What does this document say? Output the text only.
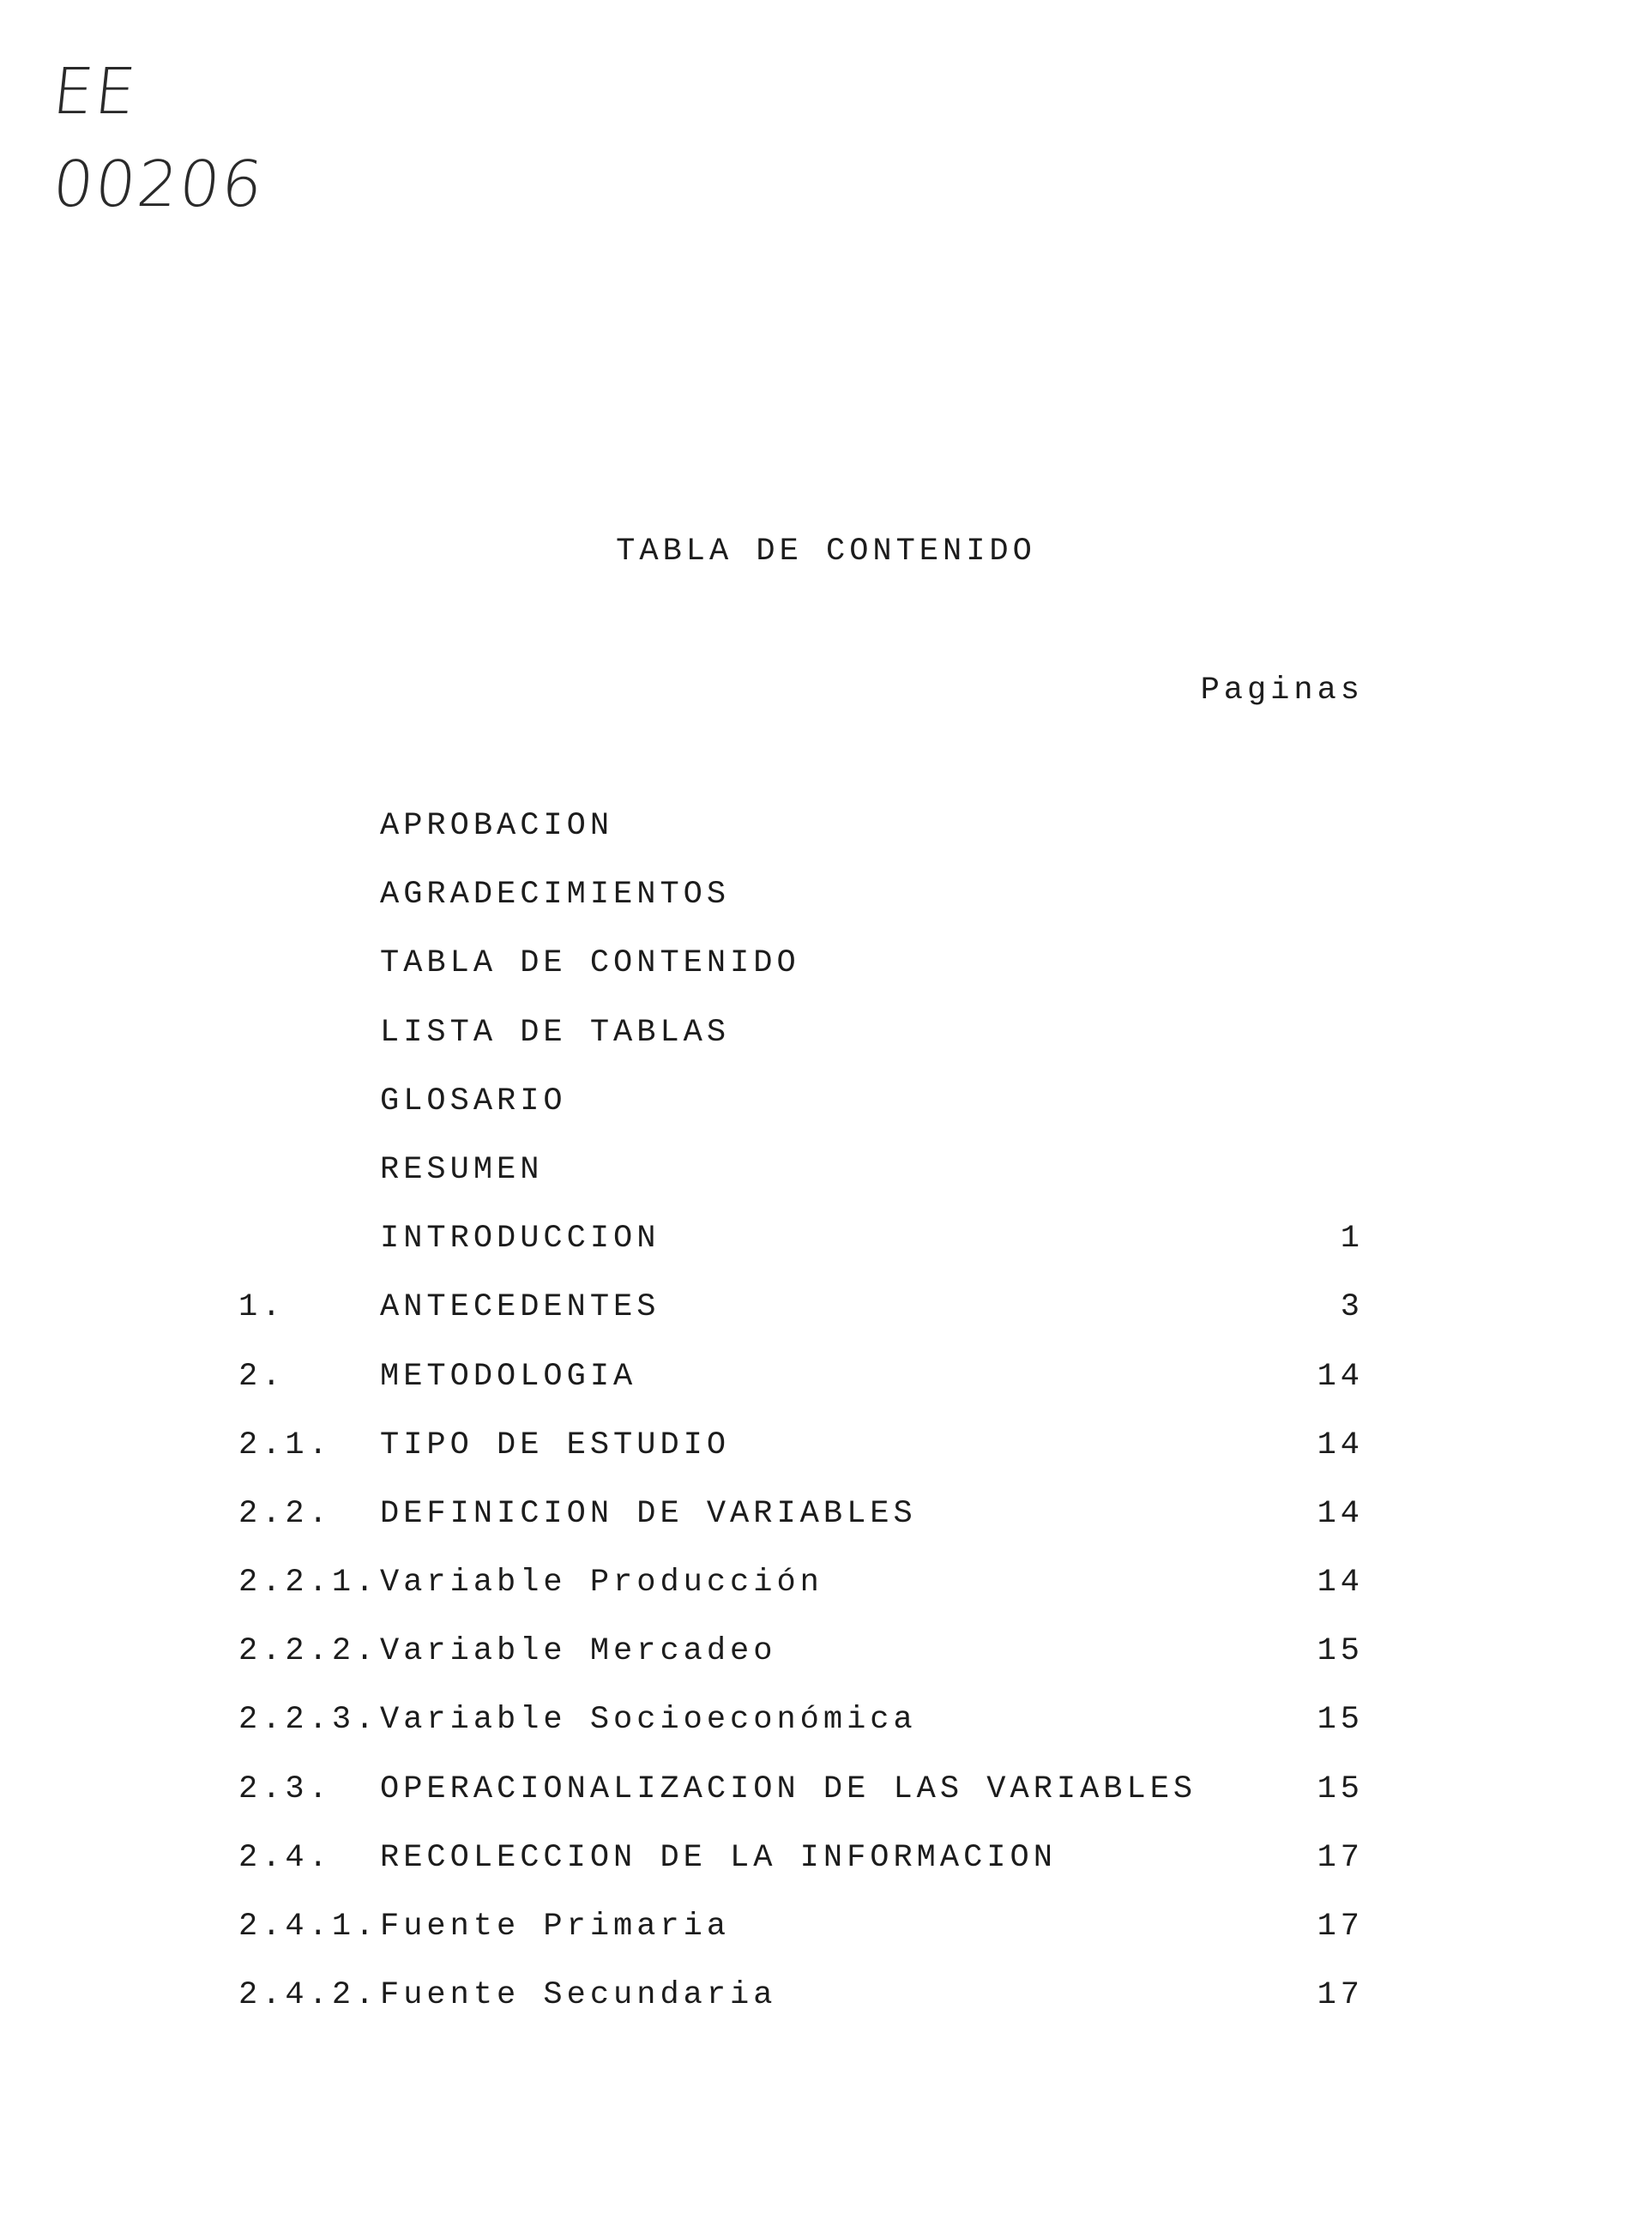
EE
00206
TABLA DE CONTENIDO
Paginas
APROBACION
AGRADECIMIENTOS
TABLA DE CONTENIDO
LISTA DE TABLAS
GLOSARIO
RESUMEN
INTRODUCCION	1
1.	ANTECEDENTES	3
2.	METODOLOGIA	14
2.1. TIPO DE ESTUDIO	14
2.2. DEFINICION DE VARIABLES	14
2.2.1. Variable Producción	14
2.2.2. Variable Mercadeo	15
2.2.3. Variable Socioeconómica	15
2.3. OPERACIONALIZACION DE LAS VARIABLES	15
2.4. RECOLECCION DE LA INFORMACION	17
2.4.1. Fuente Primaria	17
2.4.2. Fuente Secundaria	17
